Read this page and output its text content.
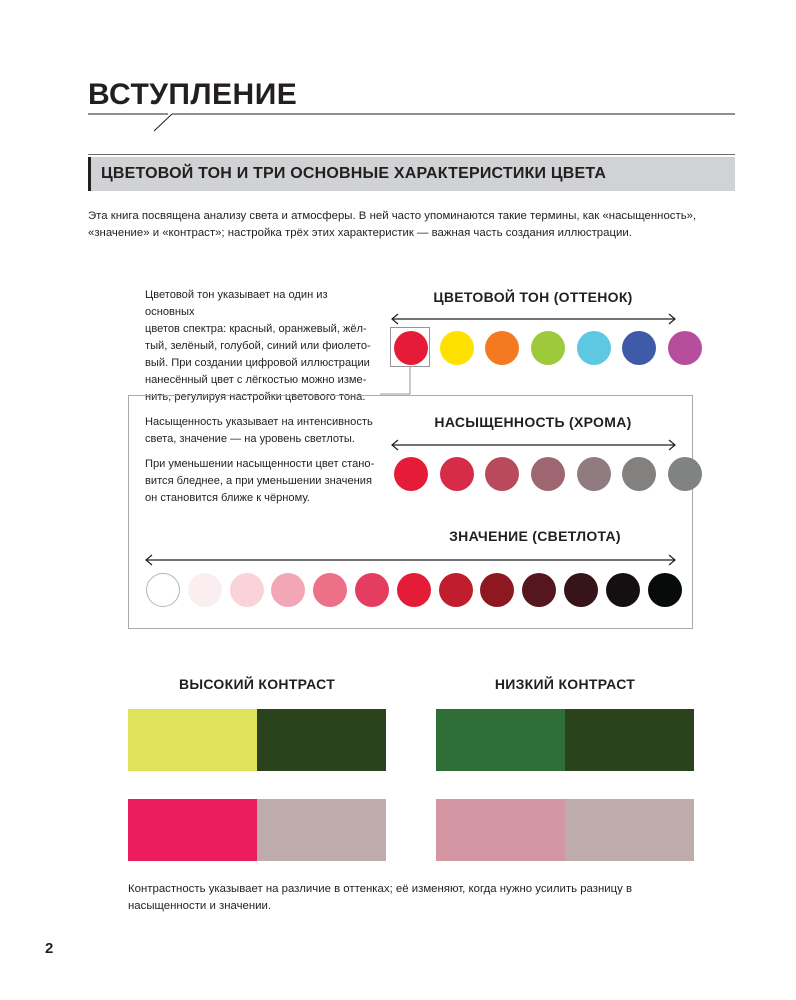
ВСТУПЛЕНИЕ
ЦВЕТОВОЙ ТОН И ТРИ ОСНОВНЫЕ ХАРАКТЕРИСТИКИ ЦВЕТА

Эта книга посвящена анализу света и атмосферы. В ней часто упоминаются такие термины, как «насыщенность», «значение» и «контраст»; настройка трёх этих характеристик — важная часть создания иллюстрации.

Цветовой тон указывает на один из основных
цветов спектра: красный, оранжевый, жёл-
тый, зелёный, голубой, синий или фиолето-
вый. При создании цифровой иллюстрации
нанесённый цвет с лёгкостью можно изме-
нить, регулируя настройки цветового тона.

ЦВЕТОВОЙ ТОН (ОТТЕНОК)

Насыщенность указывает на интенсивность
света, значение — на уровень светлоты.

При уменьшении насыщенности цвет стано-
вится бледнее, а при уменьшении значения
он становится ближе к чёрному.

НАСЫЩЕННОСТЬ (ХРОМА)

ЗНАЧЕНИЕ (СВЕТЛОТА)

ВЫСОКИЙ КОНТРАСТ	НИЗКИЙ КОНТРАСТ

Контрастность указывает на различие в оттенках; её изменяют, когда нужно усилить разницу в насыщенности и значении.

2
